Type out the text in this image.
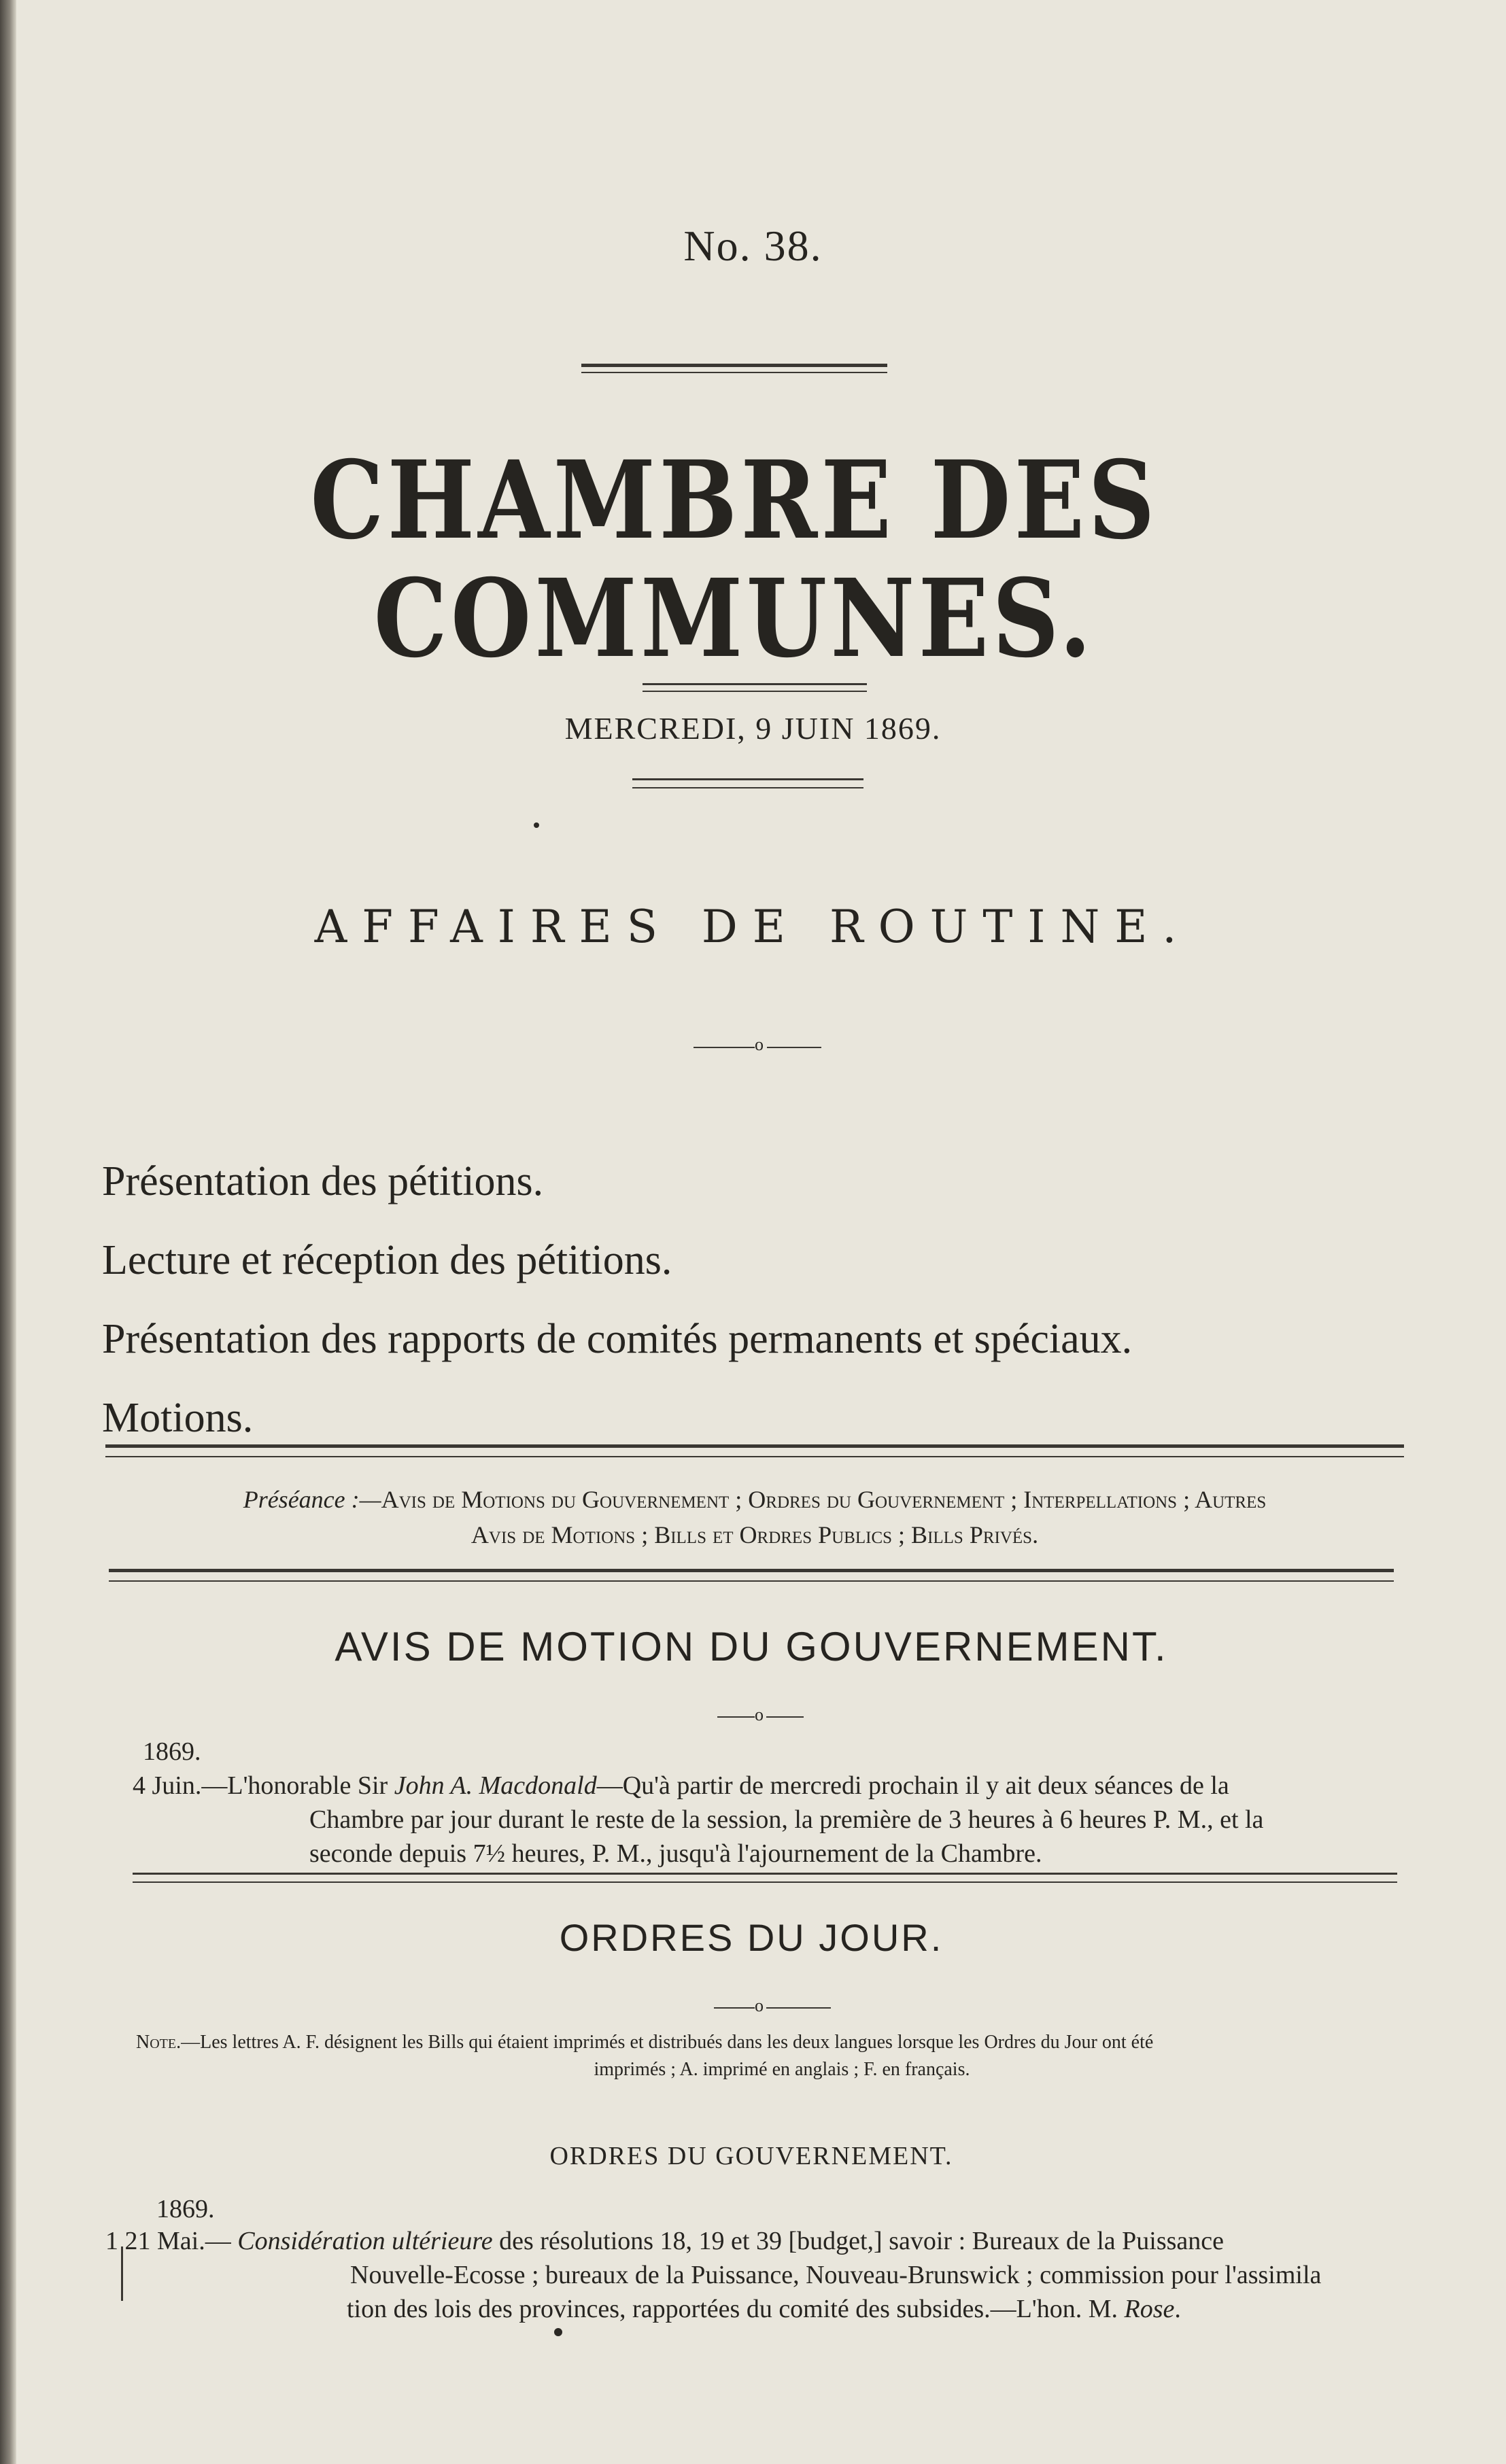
No. 38.
CHAMBRE DES COMMUNES.
MERCREDI, 9 JUIN 1869.
AFFAIRES DE ROUTINE.
o
Présentation des pétitions.
Lecture et réception des pétitions.
Présentation des rapports de comités permanents et spéciaux.
Motions.
Préséance :—Avis de Motions du Gouvernement ; Ordres du Gouvernement ; Interpellations ; Autres
Avis de Motions ; Bills et Ordres Publics ; Bills Privés.
AVIS DE MOTION DU GOUVERNEMENT.
o
1869.
4 Juin.—L'honorable Sir John A. Macdonald—Qu'à partir de mercredi prochain il y ait deux séances de la
Chambre par jour durant le reste de la session, la première de 3 heures à 6 heures P. M., et la
seconde depuis 7½ heures, P. M., jusqu'à l'ajournement de la Chambre.
ORDRES DU JOUR.
o
Note.—Les lettres A. F. désignent les Bills qui étaient imprimés et distribués dans les deux langues lorsque les Ordres du Jour ont été
imprimés ; A. imprimé en anglais ; F. en français.
ORDRES DU GOUVERNEMENT.
1869.
1 21 Mai.— Considération ultérieure des résolutions 18, 19 et 39 [budget,] savoir : Bureaux de la Puissance
Nouvelle-Ecosse ; bureaux de la Puissance, Nouveau-Brunswick ; commission pour l'assimila
tion des lois des provinces, rapportées du comité des subsides.—L'hon. M. Rose.
